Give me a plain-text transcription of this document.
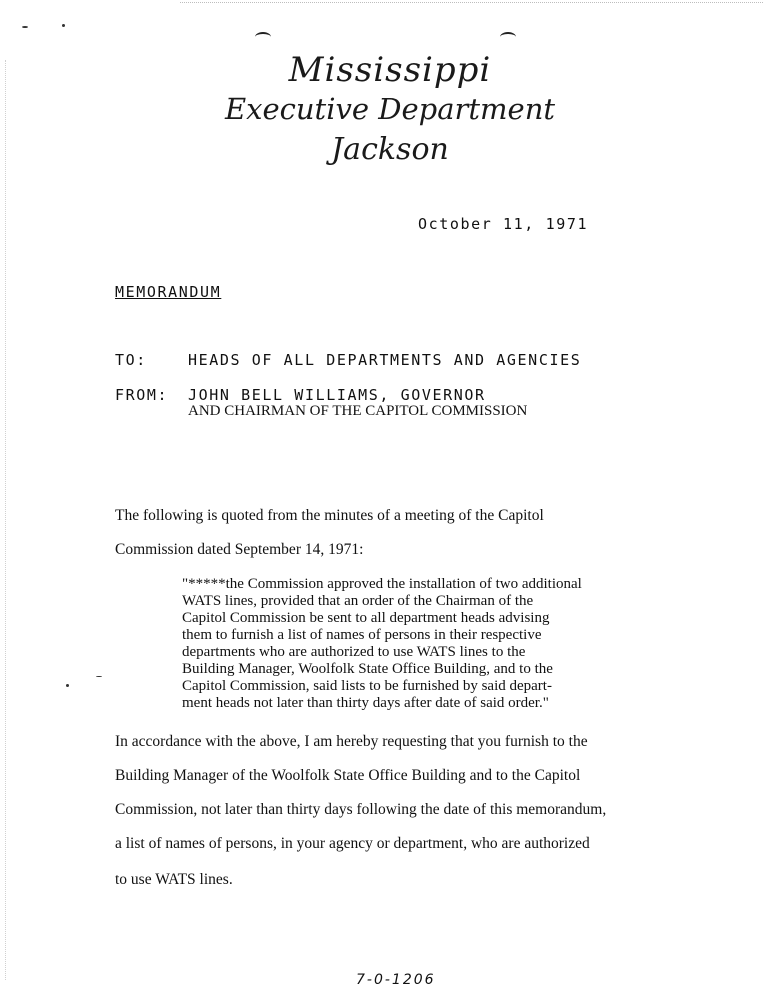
Mississippi
Executive Department
Jackson
October 11, 1971
MEMORANDUM
TO:	HEADS OF ALL DEPARTMENTS AND AGENCIES
FROM: JOHN BELL WILLIAMS, GOVERNOR
AND CHAIRMAN OF THE CAPITOL COMMISSION
The following is quoted from the minutes of a meeting of the Capitol
Commission dated September 14, 1971:
"*****the Commission approved the installation of two additional
WATS lines, provided that an order of the Chairman of the
Capitol Commission be sent to all department heads advising
them to furnish a list of names of persons in their respective
departments who are authorized to use WATS lines to the
Building Manager, Woolfolk State Office Building, and to the
Capitol Commission, said lists to be furnished by said depart-
ment heads not later than thirty days after date of said order."
In accordance with the above, I am hereby requesting that you furnish to the
Building Manager of the Woolfolk State Office Building and to the Capitol
Commission, not later than thirty days following the date of this memorandum,
a list of names of persons, in your agency or department, who are authorized
to use WATS lines.
7-0-1206
